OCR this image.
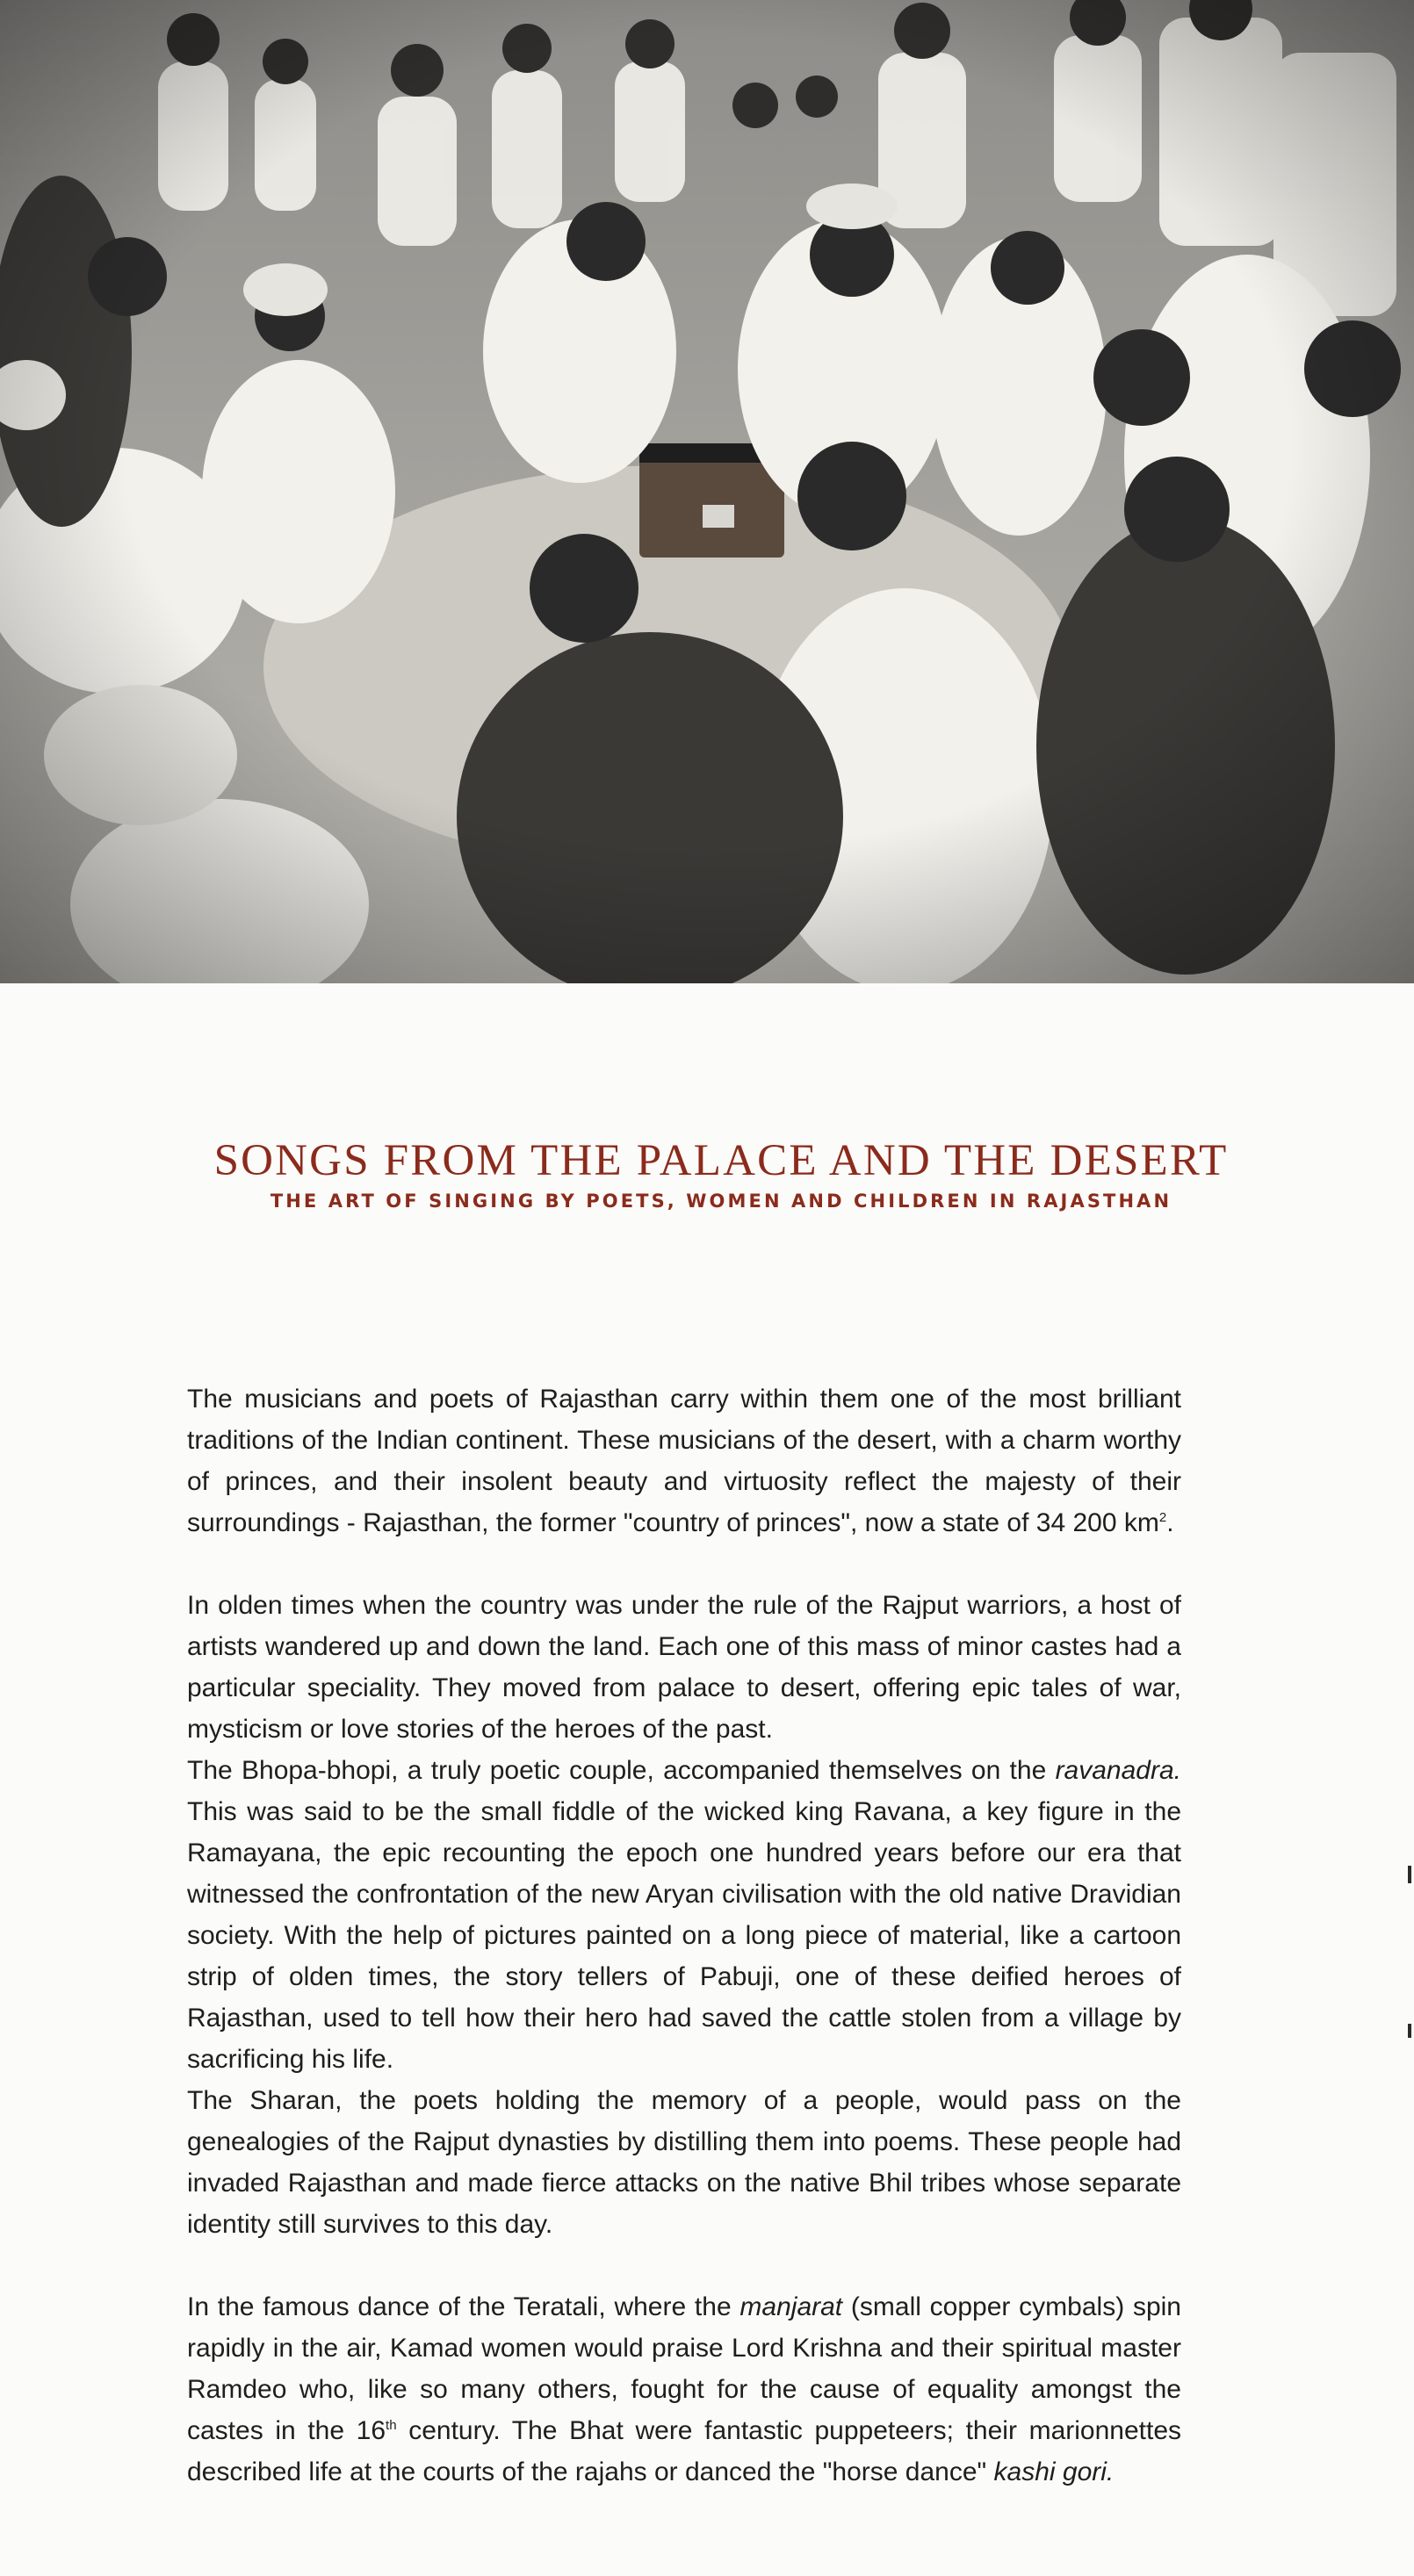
SONGS FROM THE PALACE AND THE DESERT
THE ART OF SINGING BY POETS, WOMEN AND CHILDREN IN RAJASTHAN

The musicians and poets of Rajasthan carry within them one of the most brilliant traditions of the Indian continent. These musicians of the desert, with a charm worthy of princes, and their insolent beauty and virtuosity reflect the majesty of their surroundings - Rajasthan, the former "country of princes", now a state of 34 200 $km^2$.

In olden times when the country was under the rule of the Rajput warriors, a host of artists wandered up and down the land. Each one of this mass of minor castes had a particular speciality. They moved from palace to desert, offering epic tales of war, mysticism or love stories of the heroes of the past.

The Bhopa-bhopi, a truly poetic couple, accompanied themselves on the ravanadra. This was said to be the small fiddle of the wicked king Ravana, a key figure in the Ramayana, the epic recounting the epoch one hundred years before our era that witnessed the confrontation of the new Aryan civilisation with the old native Dravidian society. With the help of pictures painted on a long piece of material, like a cartoon strip of olden times, the story tellers of Pabuji, one of these deified heroes of Rajasthan, used to tell how their hero had saved the cattle stolen from a village by sacrificing his life.

The Sharan, the poets holding the memory of a people, would pass on the genealogies of the Rajput dynasties by distilling them into poems. These people had invaded Rajasthan and made fierce attacks on the native Bhil tribes whose separate identity still survives to this day.

In the famous dance of the Teratali, where the manjarat (small copper cymbals) spin rapidly in the air, Kamad women would praise Lord Krishna and their spiritual master Ramdeo who, like so many others, fought for the cause of equality amongst the castes in the 16th century. The Bhat were fantastic puppeteers; their marionnettes described life at the courts of the rajahs or danced the "horse dance" kashi gori.
